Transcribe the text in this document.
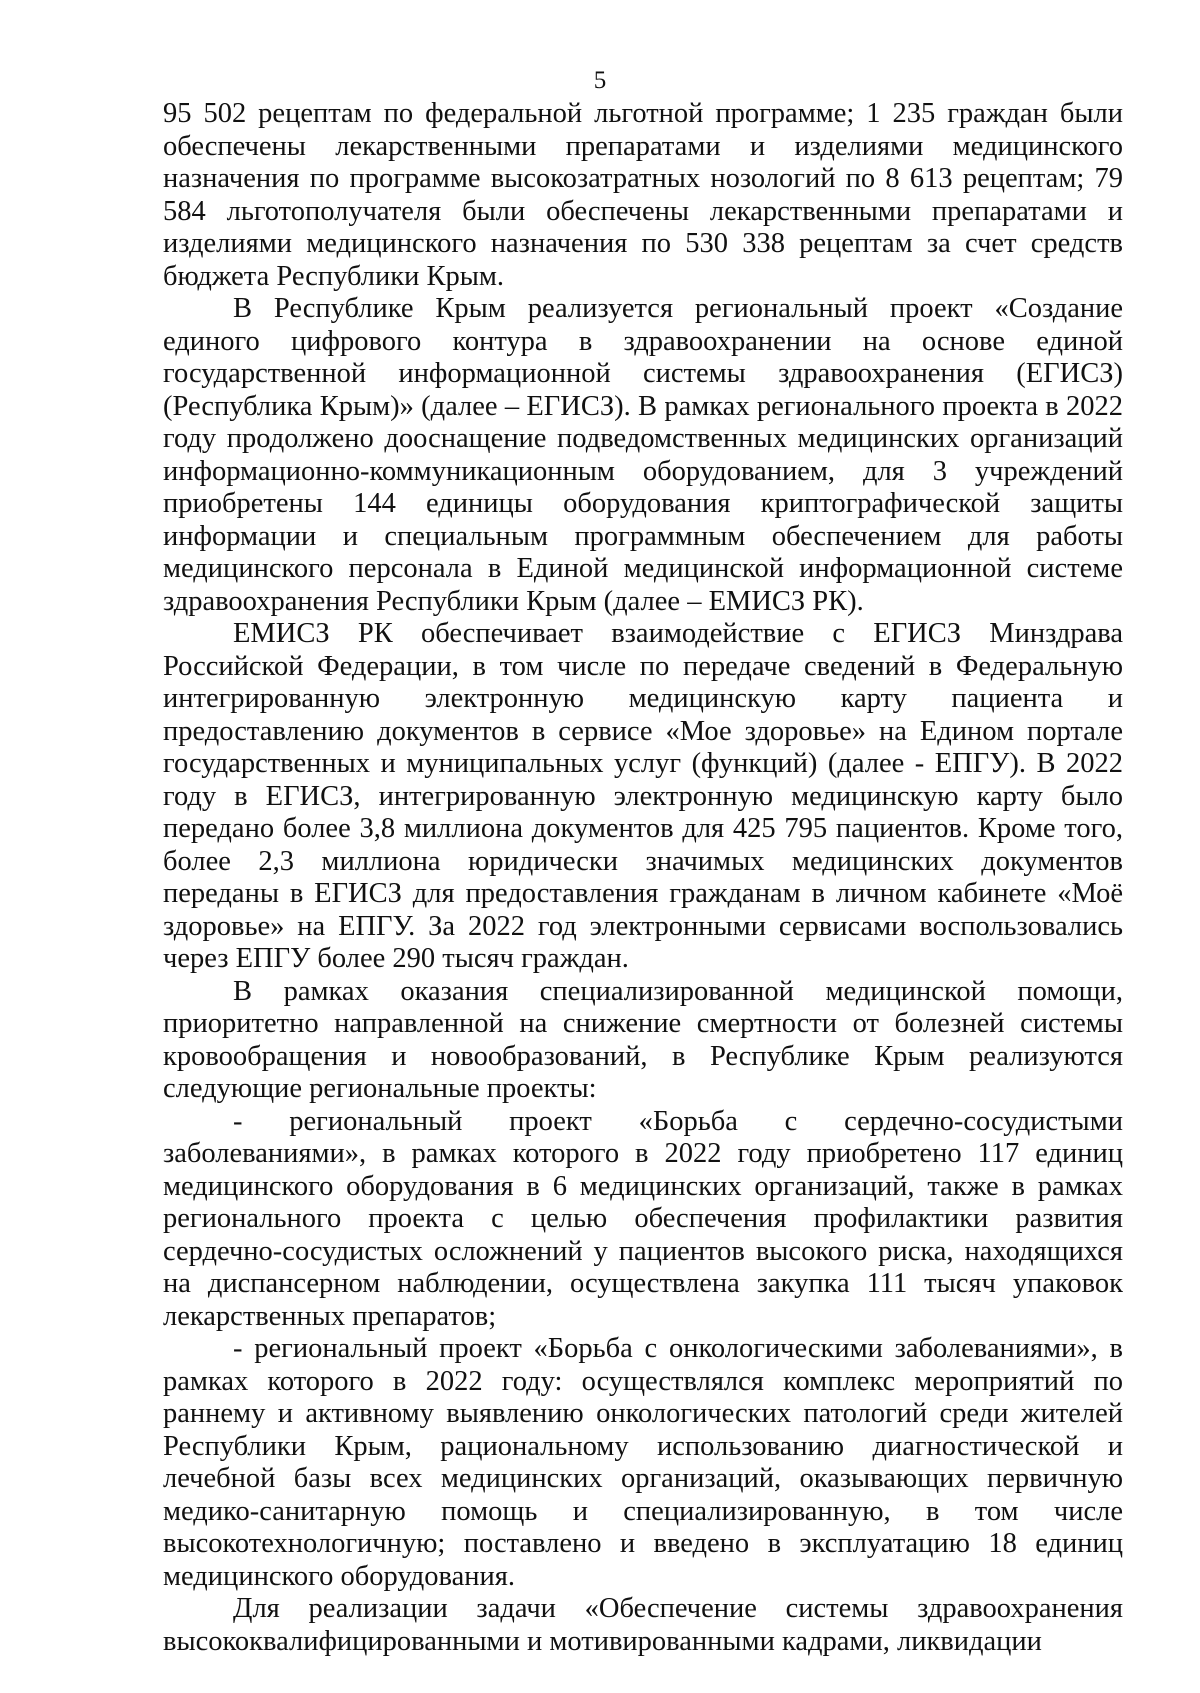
5

95 502 рецептам по федеральной льготной программе; 1 235 граждан были обеспечены лекарственными препаратами и изделиями медицинского назначения по программе высокозатратных нозологий по 8 613 рецептам; 79 584 льготополучателя были обеспечены лекарственными препаратами и изделиями медицинского назначения по 530 338 рецептам за счет средств бюджета Республики Крым.

В Республике Крым реализуется региональный проект «Создание единого цифрового контура в здравоохранении на основе единой государственной информационной системы здравоохранения (ЕГИСЗ) (Республика Крым)» (далее – ЕГИСЗ). В рамках регионального проекта в 2022 году продолжено дооснащение подведомственных медицинских организаций информационно-коммуникационным оборудованием, для 3 учреждений приобретены 144 единицы оборудования криптографической защиты информации и специальным программным обеспечением для работы медицинского персонала в Единой медицинской информационной системе здравоохранения Республики Крым (далее – ЕМИСЗ РК).

ЕМИСЗ РК обеспечивает взаимодействие с ЕГИСЗ Минздрава Российской Федерации, в том числе по передаче сведений в Федеральную интегрированную электронную медицинскую карту пациента и предоставлению документов в сервисе «Мое здоровье» на Едином портале государственных и муниципальных услуг (функций) (далее - ЕПГУ). В 2022 году в ЕГИСЗ, интегрированную электронную медицинскую карту было передано более 3,8 миллиона документов для 425 795 пациентов. Кроме того, более 2,3 миллиона юридически значимых медицинских документов переданы в ЕГИСЗ для предоставления гражданам в личном кабинете «Моё здоровье» на ЕПГУ. За 2022 год электронными сервисами воспользовались через ЕПГУ более 290 тысяч граждан.

В рамках оказания специализированной медицинской помощи, приоритетно направленной на снижение смертности от болезней системы кровообращения и новообразований, в Республике Крым реализуются следующие региональные проекты:

- региональный проект «Борьба с сердечно-сосудистыми заболеваниями», в рамках которого в 2022 году приобретено 117 единиц медицинского оборудования в 6 медицинских организаций, также в рамках регионального проекта с целью обеспечения профилактики развития сердечно-сосудистых осложнений у пациентов высокого риска, находящихся на диспансерном наблюдении, осуществлена закупка 111 тысяч упаковок лекарственных препаратов;

- региональный проект «Борьба с онкологическими заболеваниями», в рамках которого в 2022 году: осуществлялся комплекс мероприятий по раннему и активному выявлению онкологических патологий среди жителей Республики Крым, рациональному использованию диагностической и лечебной базы всех медицинских организаций, оказывающих первичную медико-санитарную помощь и специализированную, в том числе высокотехнологичную; поставлено и введено в эксплуатацию 18 единиц медицинского оборудования.

Для реализации задачи «Обеспечение системы здравоохранения высококвалифицированными и мотивированными кадрами, ликвидации
